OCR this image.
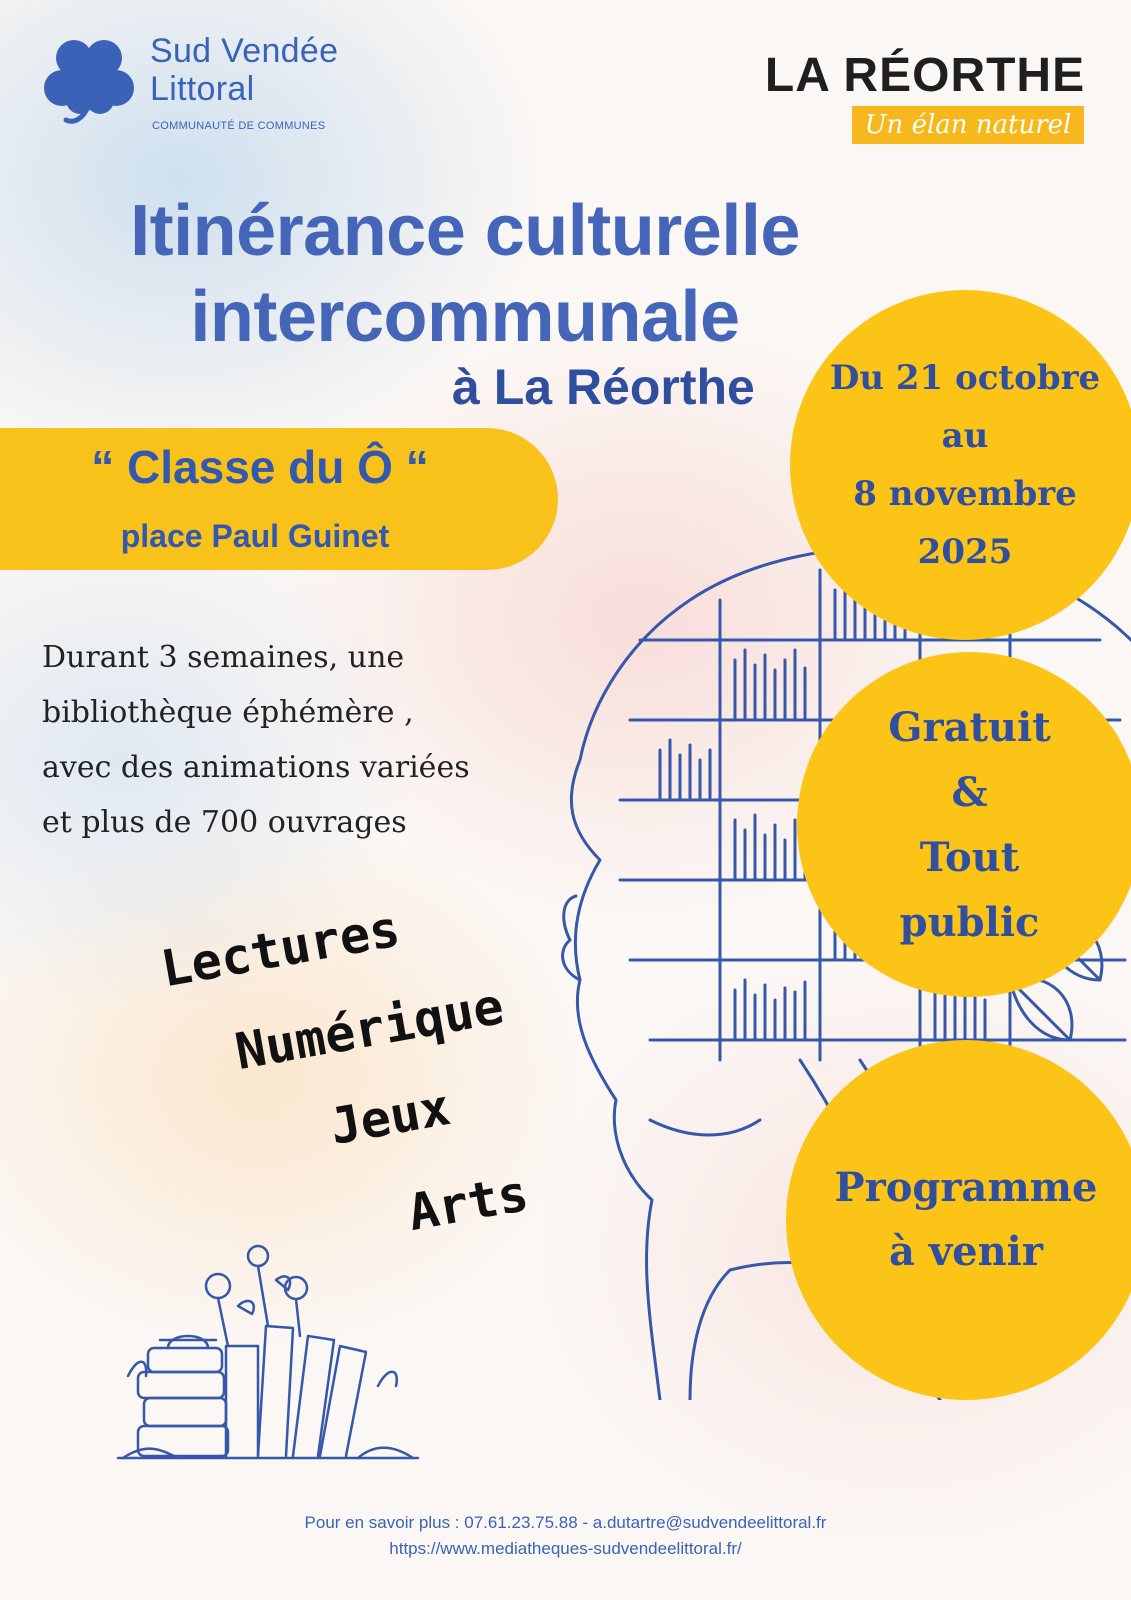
Sud Vendée
Littoral
COMMUNAUTÉ DE COMMUNES
LA RÉORTHE
Un élan naturel
Itinérance culturelle
intercommunale
à La Réorthe
“ Classe du Ô “
place Paul Guinet
Durant 3 semaines, une
bibliothèque éphémère ,
avec des animations variées
et plus de 700 ouvrages
Lectures
Numérique
Jeux
Arts
Du 21 octobre
au
8 novembre
2025
Gratuit
&
Tout
public
Programme
à venir
Pour en savoir plus : 07.61.23.75.88 - a.dutartre@sudvendeelittoral.fr
https://www.mediatheques-sudvendeelittoral.fr/
